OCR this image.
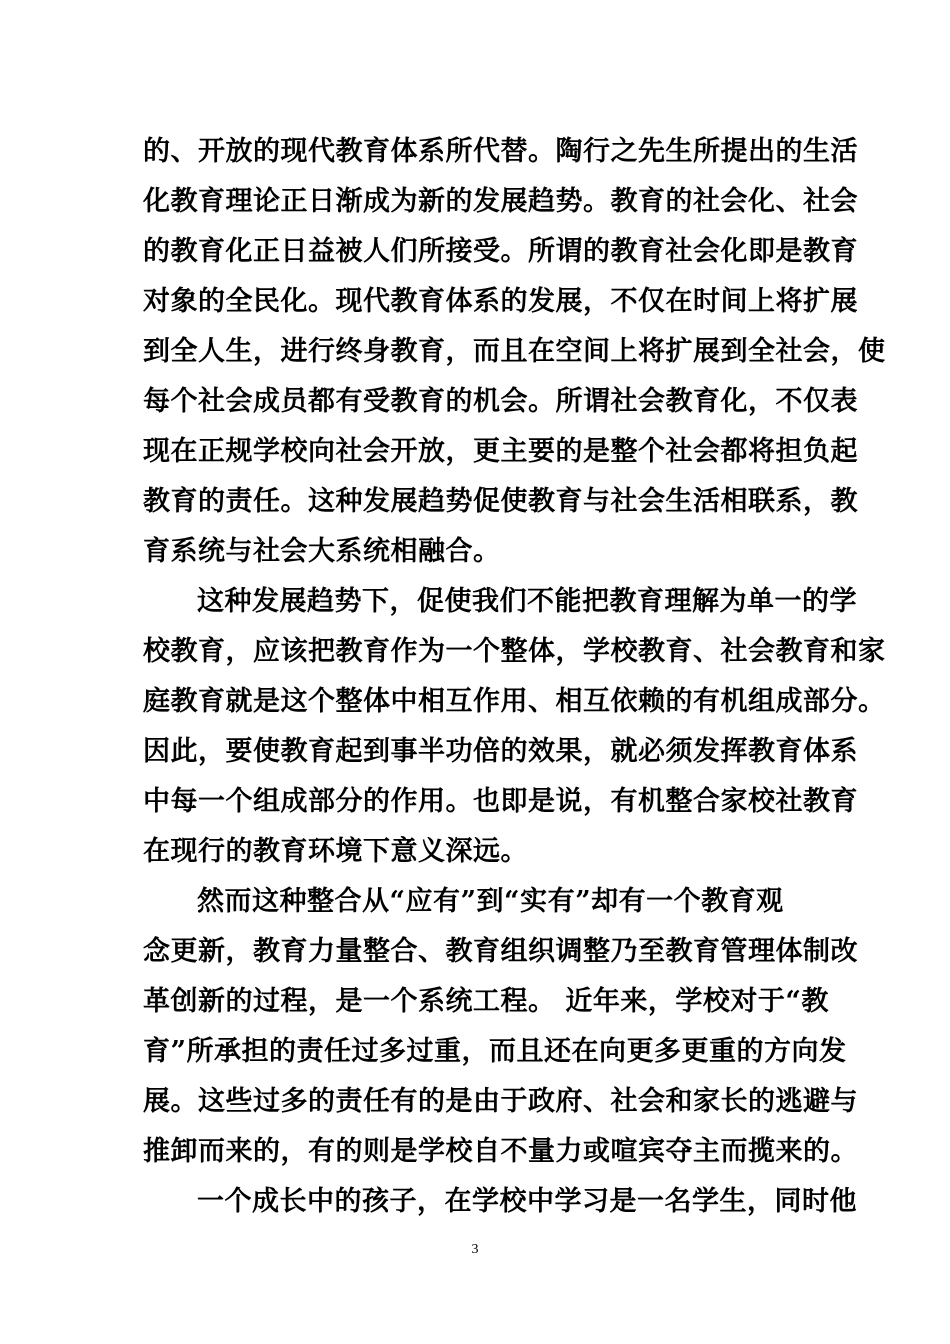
的、开放的现代教育体系所代替。陶行之先生所提出的生活
化教育理论正日渐成为新的发展趋势。教育的社会化、社会
的教育化正日益被人们所接受。所谓的教育社会化即是教育
对象的全民化。现代教育体系的发展，不仅在时间上将扩展
到全人生，进行终身教育，而且在空间上将扩展到全社会，使
每个社会成员都有受教育的机会。所谓社会教育化，不仅表
现在正规学校向社会开放，更主要的是整个社会都将担负起
教育的责任。这种发展趋势促使教育与社会生活相联系，教
育系统与社会大系统相融合。
这种发展趋势下，促使我们不能把教育理解为单一的学
校教育，应该把教育作为一个整体，学校教育、社会教育和家
庭教育就是这个整体中相互作用、相互依赖的有机组成部分。
因此，要使教育起到事半功倍的效果，就必须发挥教育体系
中每一个组成部分的作用。也即是说，有机整合家校社教育
在现行的教育环境下意义深远。
然而这种整合从“应有”到“实有”却有一个教育观
念更新，教育力量整合、教育组织调整乃至教育管理体制改
革创新的过程，是一个系统工程。 近年来，学校对于“教
育”所承担的责任过多过重，而且还在向更多更重的方向发
展。这些过多的责任有的是由于政府、社会和家长的逃避与
推卸而来的，有的则是学校自不量力或喧宾夺主而揽来的。
一个成长中的孩子，在学校中学习是一名学生，同时他
3
